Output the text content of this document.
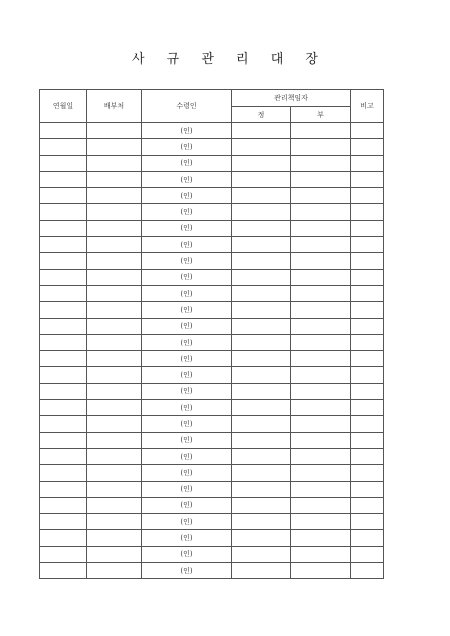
사 규 관 리 대 장
연월일	배부처	수령인	관리책임자		비고
			정	부	
		(인)			
		(인)			
		(인)			
		(인)			
		(인)			
		(인)			
		(인)			
		(인)			
		(인)			
		(인)			
		(인)			
		(인)			
		(인)			
		(인)			
		(인)			
		(인)			
		(인)			
		(인)			
		(인)			
		(인)			
		(인)			
		(인)			
		(인)			
		(인)			
		(인)			
		(인)			
		(인)			
		(인)			
